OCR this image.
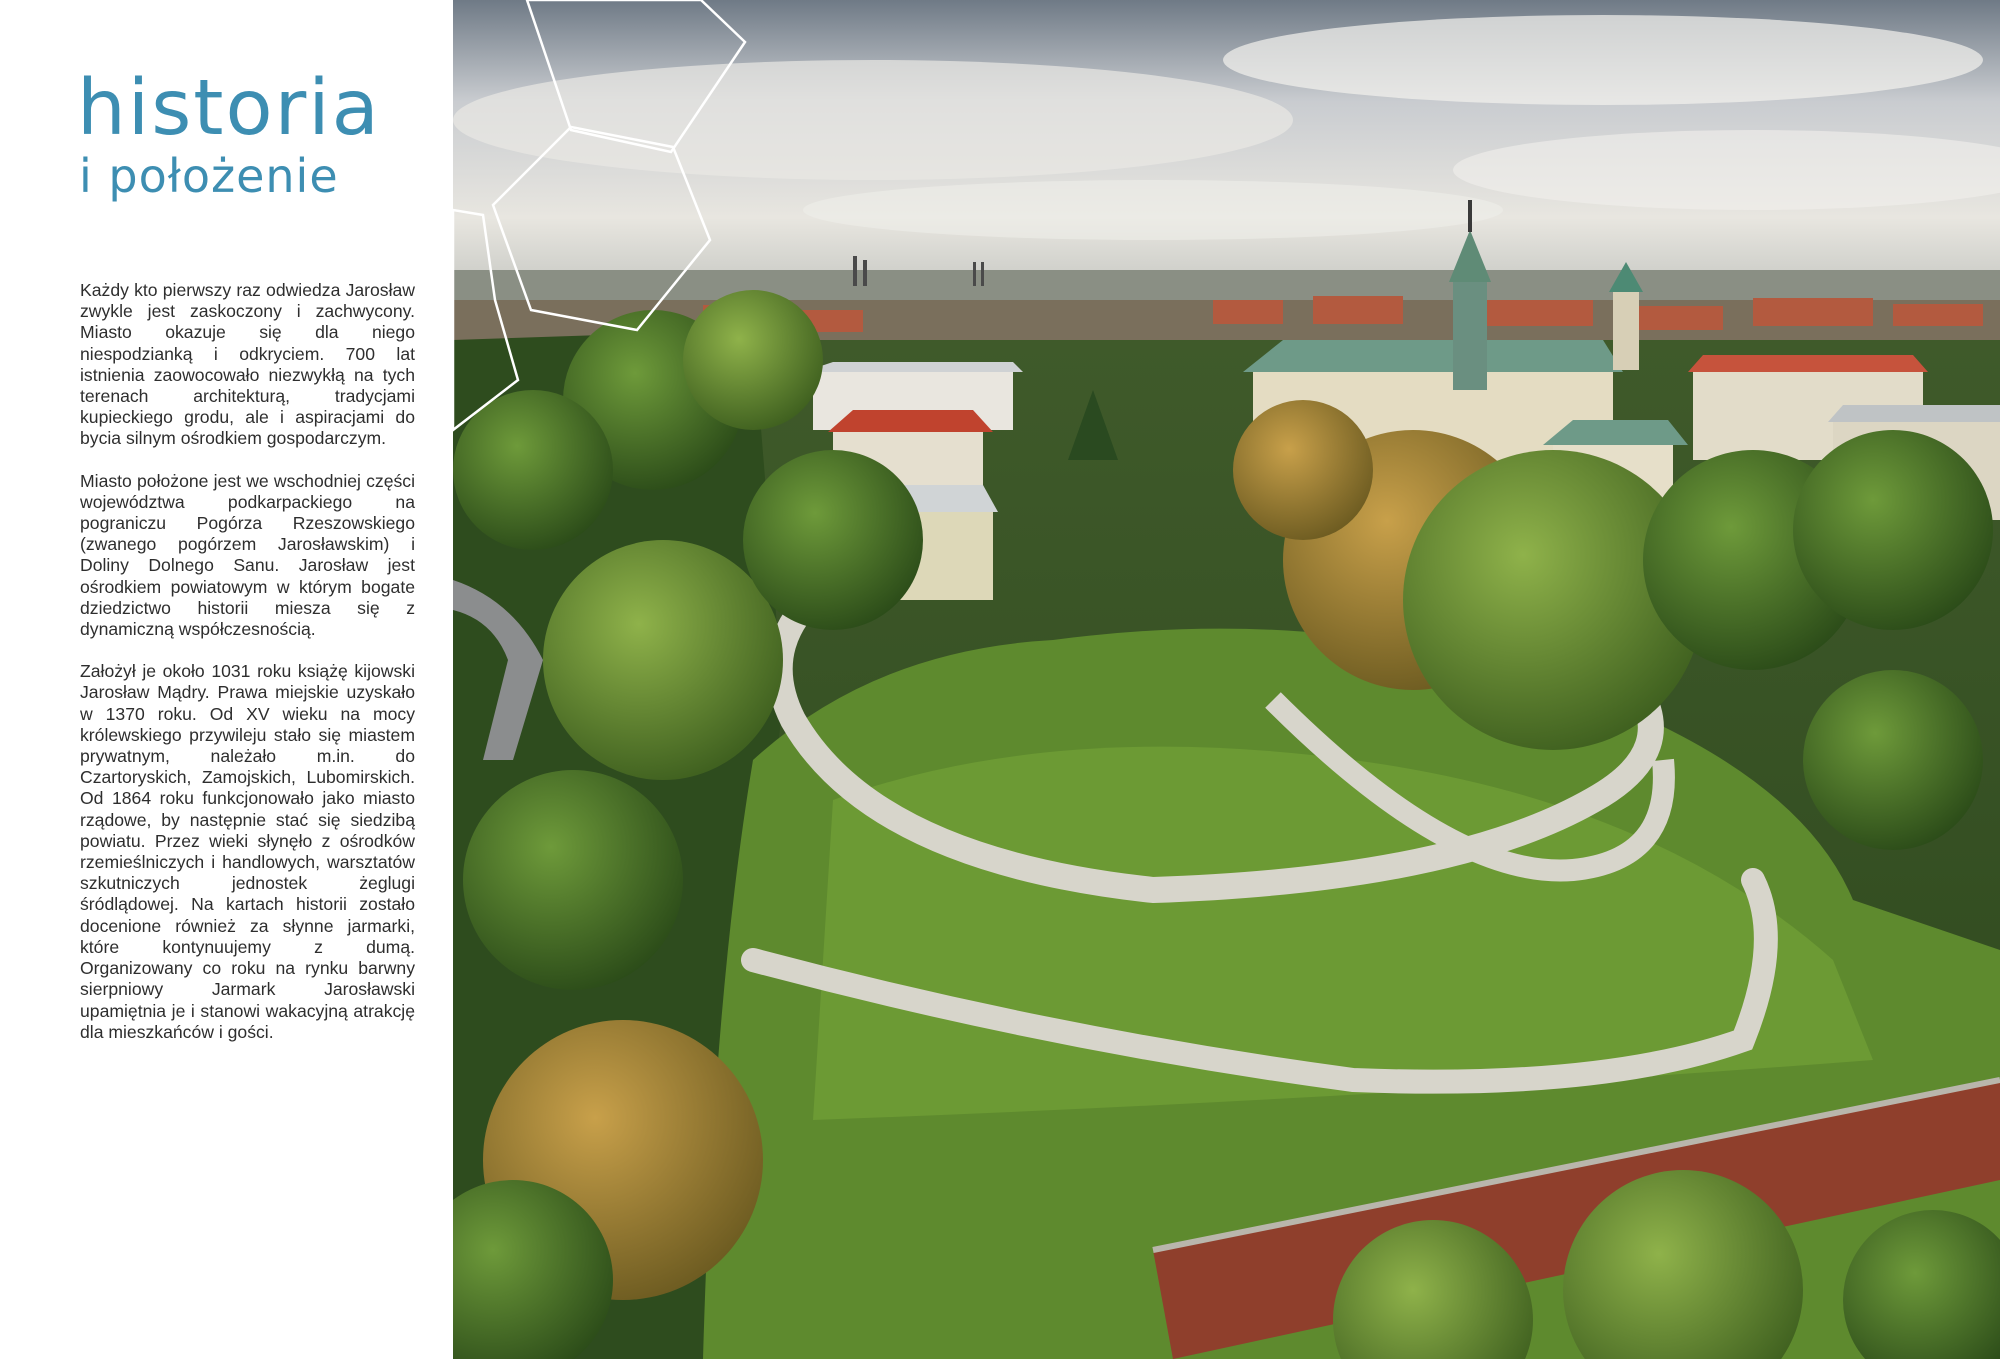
historia
i położenie

Każdy kto pierwszy raz odwiedza Jarosław zwykle jest zaskoczony i zachwycony. Miasto okazuje się dla niego niespodzianką i odkryciem. 700 lat istnienia zaowocowało niezwykłą na tych terenach architekturą, tradycjami kupieckiego grodu, ale i aspiracjami do bycia silnym ośrodkiem gospodarczym.

Miasto położone jest we wschodniej części województwa podkarpackiego na pograniczu Pogórza Rzeszowskiego (zwanego pogórzem Jarosławskim) i Doliny Dolnego Sanu. Jarosław jest ośrodkiem powiatowym w którym bogate dziedzictwo historii miesza się z dynamiczną współczesnością.

Założył je około 1031 roku książę kijowski Jarosław Mądry. Prawa miejskie uzyskało w 1370 roku. Od XV wieku na mocy królewskiego przywileju stało się miastem prywatnym, należało m.in. do Czartoryskich, Zamojskich, Lubomirskich. Od 1864 roku funkcjonowało jako miasto rządowe, by następnie stać się siedzibą powiatu. Przez wieki słynęło z ośrodków rzemieślniczych i handlowych, warsztatów szkutniczych jednostek żeglugi śródlądowej. Na kartach historii zostało docenione również za słynne jarmarki, które kontynuujemy z dumą. Organizowany co roku na rynku barwny sierpniowy Jarmark Jarosławski upamiętnia je i stanowi wakacyjną atrakcję dla mieszkańców i gości.
